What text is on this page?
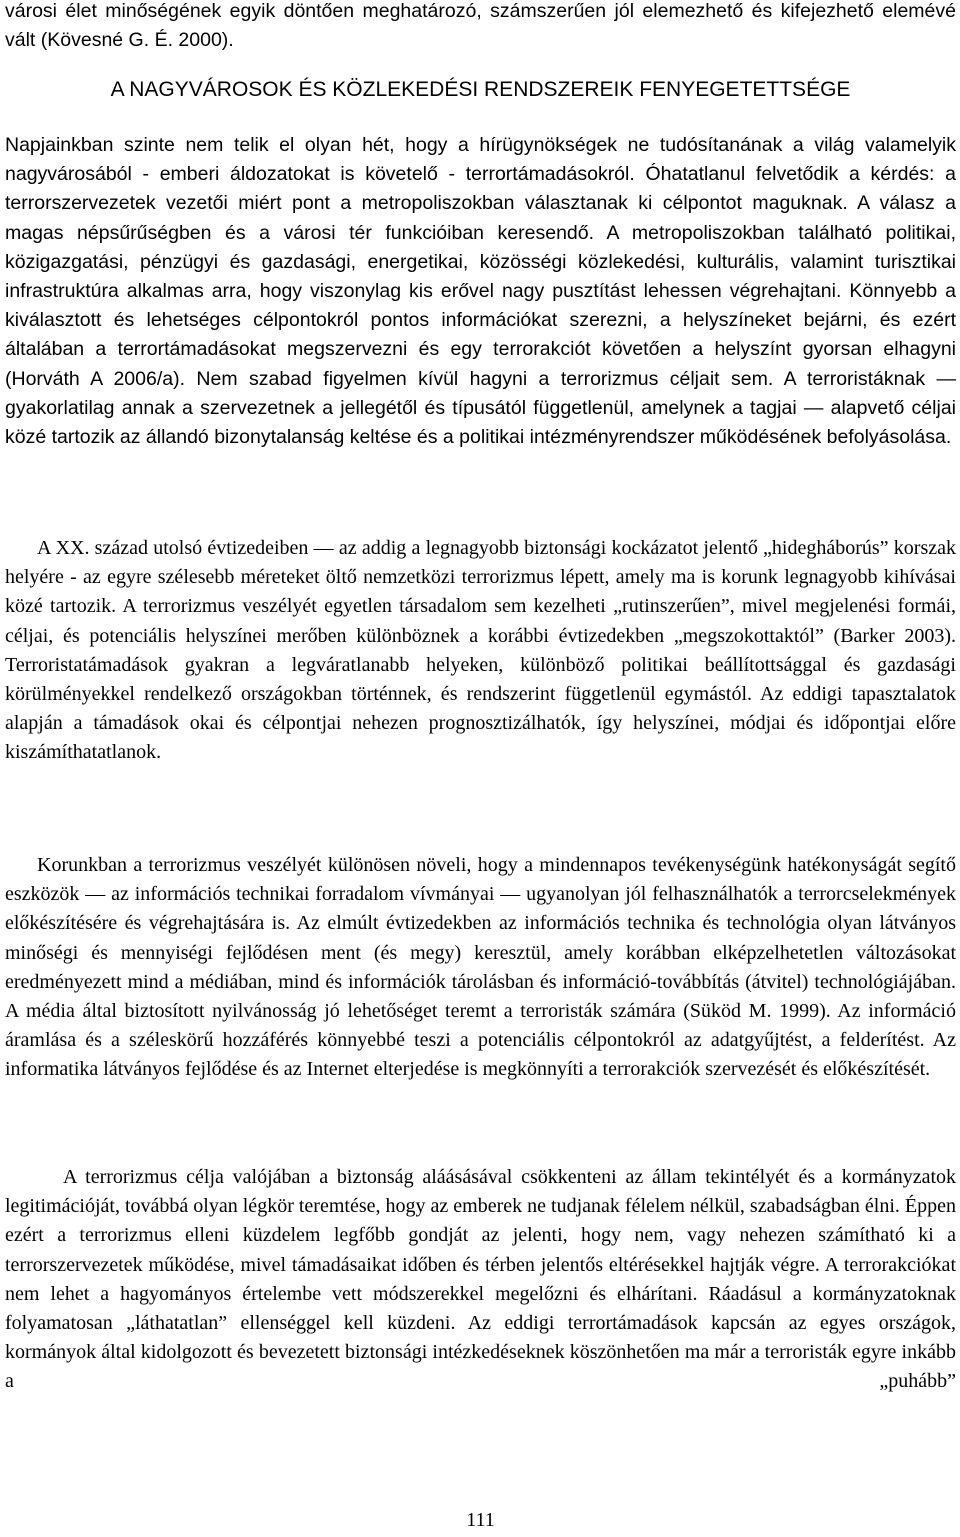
városi élet minőségének egyik döntően meghatározó, számszerűen jól elemezhető és kifejezhető elemévé vált (Kövesné G. É. 2000).

A NAGYVÁROSOK ÉS KÖZLEKEDÉSI RENDSZEREIK FENYEGETETTSÉGE

Napjainkban szinte nem telik el olyan hét, hogy a hírügynökségek ne tudósítanának a világ valamelyik nagyvárosából - emberi áldozatokat is követelő - terrortámadásokról. Óhatatlanul felvetődik a kérdés: a terrorszervezetek vezetői miért pont a metropoliszokban választanak ki célpontot maguknak. A válasz a magas népsűrűségben és a városi tér funkcióiban keresendő. A metropoliszokban található politikai, közigazgatási, pénzügyi és gazdasági, energetikai, közösségi közlekedési, kulturális, valamint turisztikai infrastruktúra alkalmas arra, hogy viszonylag kis erővel nagy pusztítást lehessen végrehajtani. Könnyebb a kiválasztott és lehetséges célpontokról pontos információkat szerezni, a helyszíneket bejárni, és ezért általában a terrortámadásokat megszervezni és egy terrorakciót követően a helyszínt gyorsan elhagyni (Horváth A 2006/a). Nem szabad figyelmen kívül hagyni a terrorizmus céljait sem. A terroristáknak ― gyakorlatilag annak a szervezetnek a jellegétől és típusától függetlenül, amelynek a tagjai ― alapvető céljai közé tartozik az állandó bizonytalanság keltése és a politikai intézményrendszer működésének befolyásolása.

A XX. század utolsó évtizedeiben ― az addig a legnagyobb biztonsági kockázatot jelentő „hidegháborús” korszak helyére - az egyre szélesebb méreteket öltő nemzetközi terrorizmus lépett, amely ma is korunk legnagyobb kihívásai közé tartozik. A terrorizmus veszélyét egyetlen társadalom sem kezelheti „rutinszerűen”, mivel megjelenési formái, céljai, és potenciális helyszínei merőben különböznek a korábbi évtizedekben „megszokottaktól” (Barker 2003). Terroristatámadások gyakran a legváratlanabb helyeken, különböző politikai beállítottsággal és gazdasági körülményekkel rendelkező országokban történnek, és rendszerint függetlenül egymástól. Az eddigi tapasztalatok alapján a támadások okai és célpontjai nehezen prognosztizálhatók, így helyszínei, módjai és időpontjai előre kiszámíthatatlanok.

Korunkban a terrorizmus veszélyét különösen növeli, hogy a mindennapos tevékenységünk hatékonyságát segítő eszközök ― az információs technikai forradalom vívmányai ― ugyanolyan jól felhasználhatók a terrorcselekmények előkészítésére és végrehajtására is. Az elmúlt évtizedekben az információs technika és technológia olyan látványos minőségi és mennyiségi fejlődésen ment (és megy) keresztül, amely korábban elképzelhetetlen változásokat eredményezett mind a médiában, mind és információk tárolásban és információ-továbbítás (átvitel) technológiájában. A média által biztosított nyilvánosság jó lehetőséget teremt a terroristák számára (Süköd M. 1999). Az információ áramlása és a széleskörű hozzáférés könnyebbé teszi a potenciális célpontokról az adatgyűjtést, a felderítést. Az informatika látványos fejlődése és az Internet elterjedése is megkönnyíti a terrorakciók szervezését és előkészítését.

A terrorizmus célja valójában a biztonság aláásásával csökkenteni az állam tekintélyét és a kormányzatok legitimációját, továbbá olyan légkör teremtése, hogy az emberek ne tudjanak félelem nélkül, szabadságban élni. Éppen ezért a terrorizmus elleni küzdelem legfőbb gondját az jelenti, hogy nem, vagy nehezen számítható ki a terrorszervezetek működése, mivel támadásaikat időben és térben jelentős eltérésekkel hajtják végre. A terrorakciókat nem lehet a hagyományos értelembe vett módszerekkel megelőzni és elhárítani. Ráadásul a kormányzatoknak folyamatosan „láthatatlan” ellenséggel kell küzdeni. Az eddigi terrortámadások kapcsán az egyes országok, kormányok által kidolgozott és bevezetett biztonsági intézkedéseknek köszönhetően ma már a terroristák egyre inkább a „puhább”

111
